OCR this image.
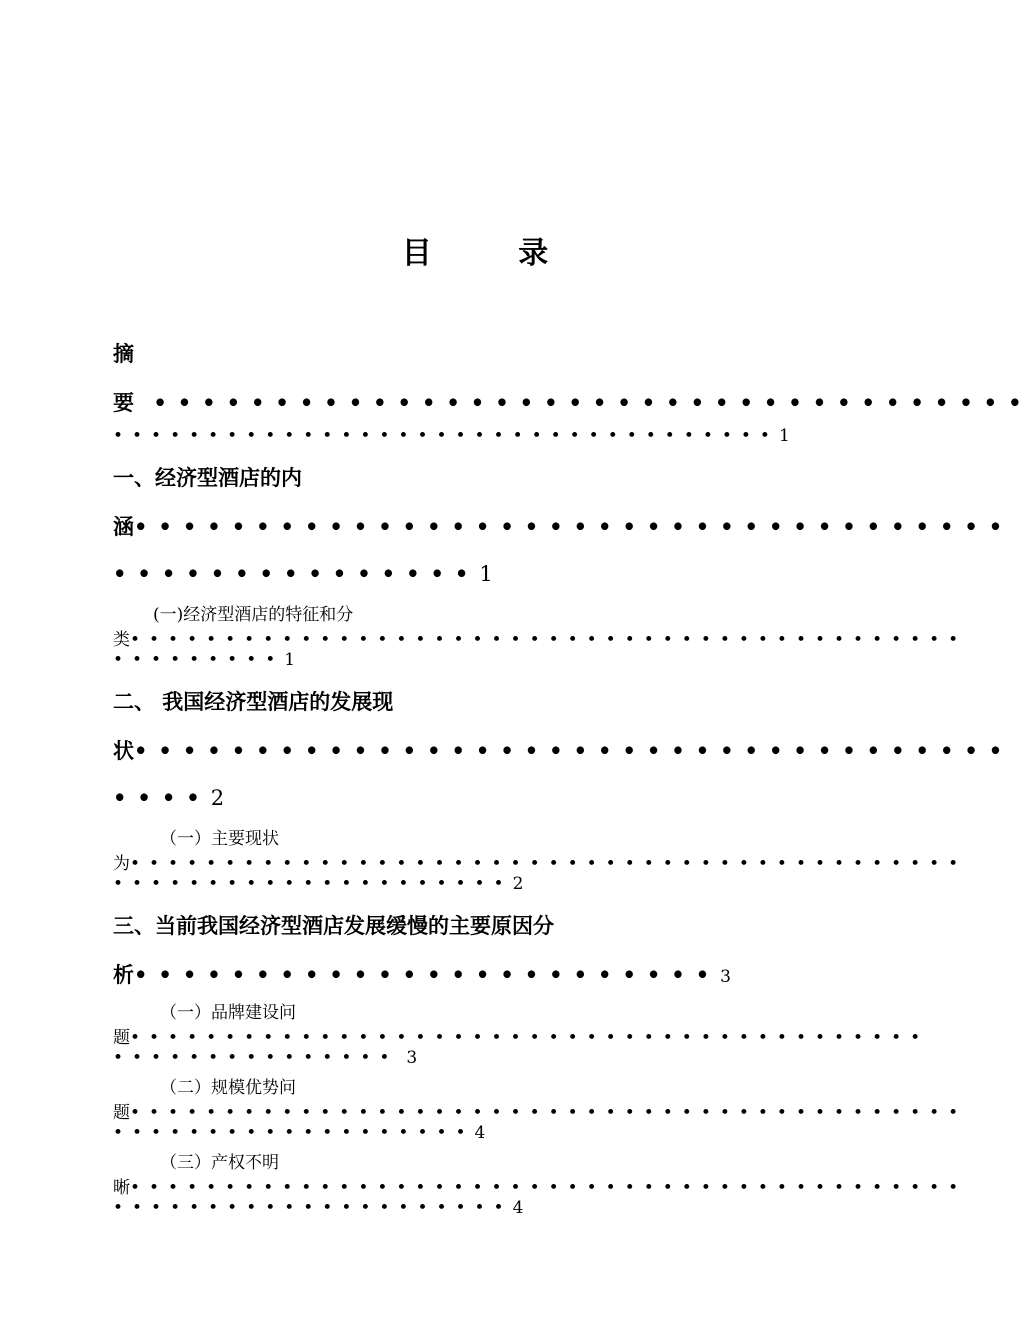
目 录
摘
要 ••••••••••••••••••••••••••••••••••••
•••••••••••••••••••••••••••••••••••1
一、经济型酒店的内
涵••••••••••••••••••••••••••••••••••••
•••••••••••••••1
(一)经济型酒店的特征和分
类••••••••••••••••••••••••••••••••••••••••••••
•••••••••1
二、 我国经济型酒店的发展现
状••••••••••••••••••••••••••••••••••••
••••2
（一）主要现状
为••••••••••••••••••••••••••••••••••••••••••••
•••••••••••••••••••••2
三、当前我国经济型酒店发展缓慢的主要原因分
析••••••••••••••••••••••••3
（一）品牌建设问
题••••••••••••••••••••••••••••••••••••••••••
••••••••••••••• 3
（二）规模优势问
题••••••••••••••••••••••••••••••••••••••••••••
•••••••••••••••••••4
（三）产权不明
晰••••••••••••••••••••••••••••••••••••••••••••
•••••••••••••••••••••4
